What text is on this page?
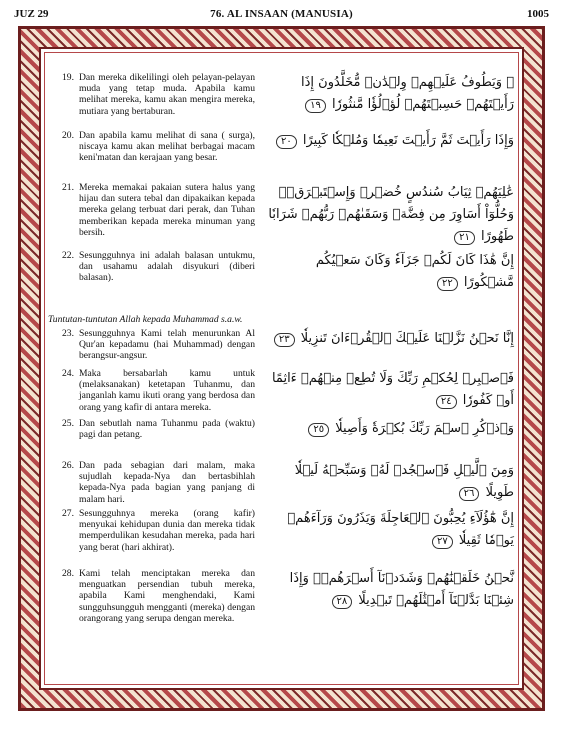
JUZ 29	76. AL INSAAN (MANUSIA)	1005
19. Dan mereka dikelilingi oleh pelayan-pelayan muda yang tetap muda. Apabila kamu melihat mereka, kamu akan mengira mereka, mutiara yang bertaburan.
۞ وَيَطُوفُ عَلَيۡهِمۡ وِلۡدَٰنٞ مُّخَلَّدُونَ إِذَا رَأَيۡتَهُمۡ حَسِبۡتَهُمۡ لُؤۡلُؤٗا مَّنثُورٗا ١٩
20. Dan apabila kamu melihat di sana ( surga), niscaya kamu akan melihat berbagai macam keni'matan dan kerajaan yang besar.
وَإِذَا رَأَيۡتَ ثَمَّ رَأَيۡتَ نَعِيمٗا وَمُلۡكٗا كَبِيرًا ٢٠
21. Mereka memakai pakaian sutera halus yang hijau dan sutera tebal dan dipakaikan kepada mereka gelang terbuat dari perak, dan Tuhan memberikan kepada mereka minuman yang bersih.
عَٰلِيَهُمۡ ثِيَابُ سُندُسٍ خُضۡرٞ وَإِسۡتَبۡرَقٞۖ وَحُلُّوٓاْ أَسَاوِرَ مِن فِضَّةٖ وَسَقَىٰهُمۡ رَبُّهُمۡ شَرَابٗا طَهُورًا ٢١
22. Sesungguhnya ini adalah balasan untukmu, dan usahamu adalah disyukuri (diberi balasan).
إِنَّ هَٰذَا كَانَ لَكُمۡ جَزَآءٗ وَكَانَ سَعۡيُكُم مَّشۡكُورًا ٢٢
Tuntutan-tuntutan Allah kepada Muhammad s.a.w.
23. Sesungguhnya Kami telah menurunkan Al Qur'an kepadamu (hai Muhammad) dengan berangsur-angsur.
إِنَّا نَحۡنُ نَزَّلۡنَا عَلَيۡكَ ٱلۡقُرۡءَانَ تَنزِيلٗا ٢٣
24. Maka bersabarlah kamu untuk (melaksanakan) ketetapan Tuhanmu, dan janganlah kamu ikuti orang yang berdosa dan orang yang kafir di antara mereka.
فَٱصۡبِرۡ لِحُكۡمِ رَبِّكَ وَلَا تُطِعۡ مِنۡهُمۡ ءَاثِمًا أَوۡ كَفُورٗا ٢٤
25. Dan sebutlah nama Tuhanmu pada (waktu) pagi dan petang.	وَٱذۡكُرِ ٱسۡمَ رَبِّكَ بُكۡرَةٗ وَأَصِيلٗا ٢٥
26. Dan pada sebagian dari malam, maka sujudlah kepada-Nya dan bertasbihlah kepada-Nya pada bagian yang panjang di malam hari.
وَمِنَ ٱلَّيۡلِ فَٱسۡجُدۡ لَهُۥ وَسَبِّحۡهُ لَيۡلٗا طَوِيلًا ٢٦
27. Sesungguhnya mereka (orang kafir) menyukai kehidupan dunia dan mereka tidak memperdulikan kesudahan mereka, pada hari yang berat (hari akhirat).
إِنَّ هَٰٓؤُلَآءِ يُحِبُّونَ ٱلۡعَاجِلَةَ وَيَذَرُونَ وَرَآءَهُمۡ يَوۡمٗا ثَقِيلٗا ٢٧
28. Kami telah menciptakan mereka dan menguatkan persendian tubuh mereka, apabila Kami menghendaki, Kami sungguhsungguh mengganti (mereka) dengan orangorang yang serupa dengan mereka.
نَّحۡنُ خَلَقۡنَٰهُمۡ وَشَدَدۡنَآ أَسۡرَهُمۡۖ وَإِذَا شِئۡنَا بَدَّلۡنَآ أَمۡثَٰلَهُمۡ تَبۡدِيلًا ٢٨
